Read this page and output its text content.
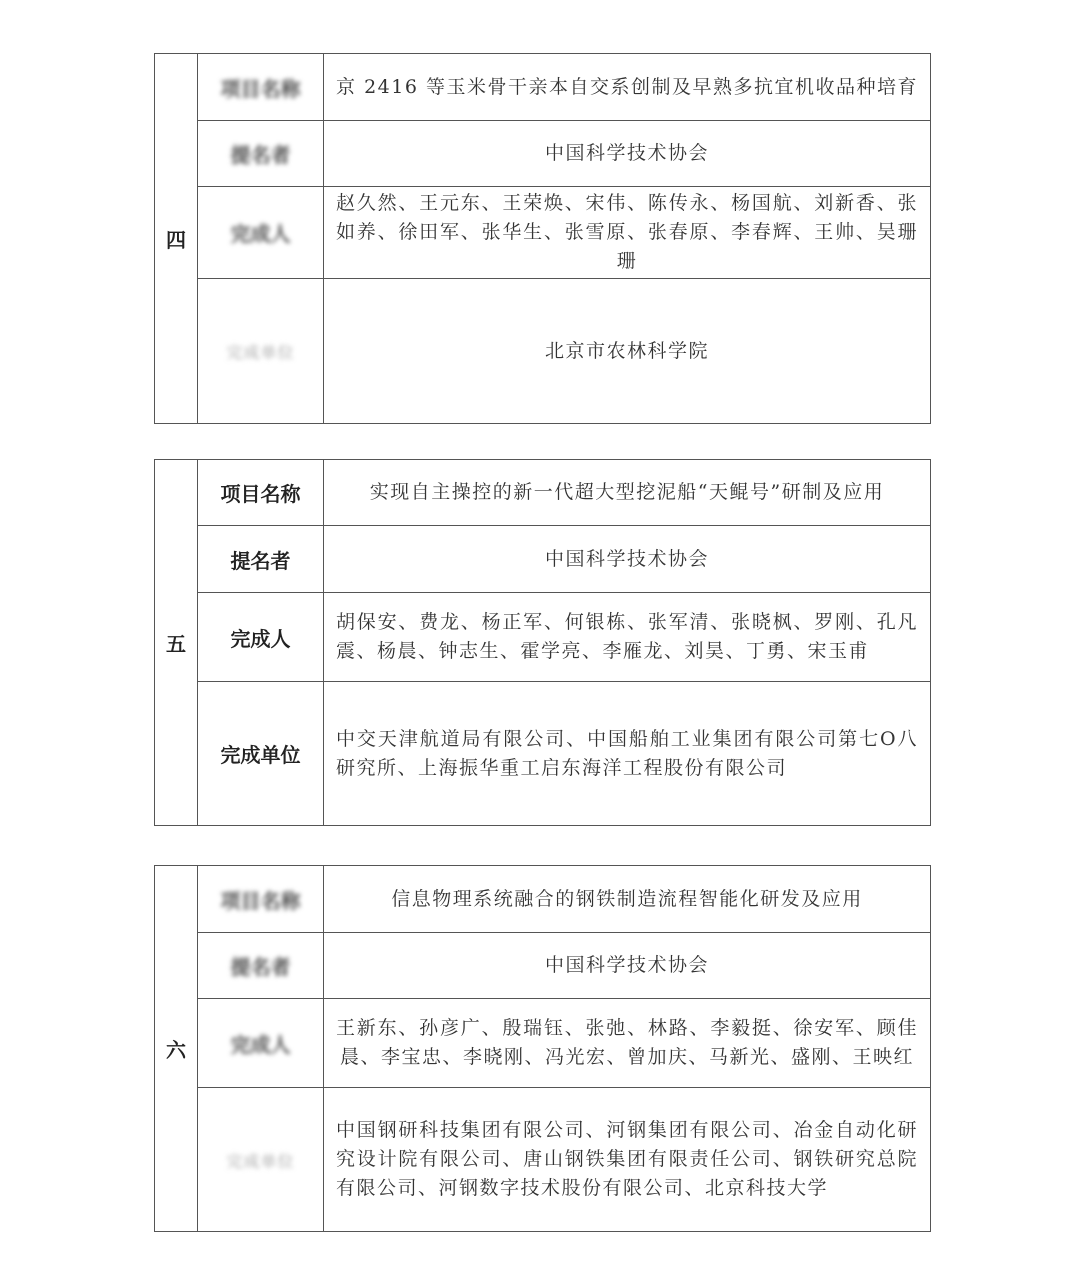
四	项目名称	京 2416 等玉米骨干亲本自交系创制及早熟多抗宜机收品种培育
	提名者	中国科学技术协会
	完成人	赵久然、王元东、王荣焕、宋伟、陈传永、杨国航、刘新香、张如养、徐田军、张华生、张雪原、张春原、李春辉、王帅、吴珊珊
	完成单位	北京市农林科学院
五	项目名称	实现自主操控的新一代超大型挖泥船“天鲲号”研制及应用
	提名者	中国科学技术协会
	完成人	胡保安、费龙、杨正军、何银栋、张军清、张晓枫、罗刚、孔凡震、杨晨、钟志生、霍学亮、李雁龙、刘昊、丁勇、宋玉甫
	完成单位	中交天津航道局有限公司、中国船舶工业集团有限公司第七O八研究所、上海振华重工启东海洋工程股份有限公司
六	项目名称	信息物理系统融合的钢铁制造流程智能化研发及应用
	提名者	中国科学技术协会
	完成人	王新东、孙彦广、殷瑞钰、张弛、林路、李毅挺、徐安军、顾佳晨、李宝忠、李晓刚、冯光宏、曾加庆、马新光、盛刚、王映红
	完成单位	中国钢研科技集团有限公司、河钢集团有限公司、冶金自动化研究设计院有限公司、唐山钢铁集团有限责任公司、钢铁研究总院有限公司、河钢数字技术股份有限公司、北京科技大学
